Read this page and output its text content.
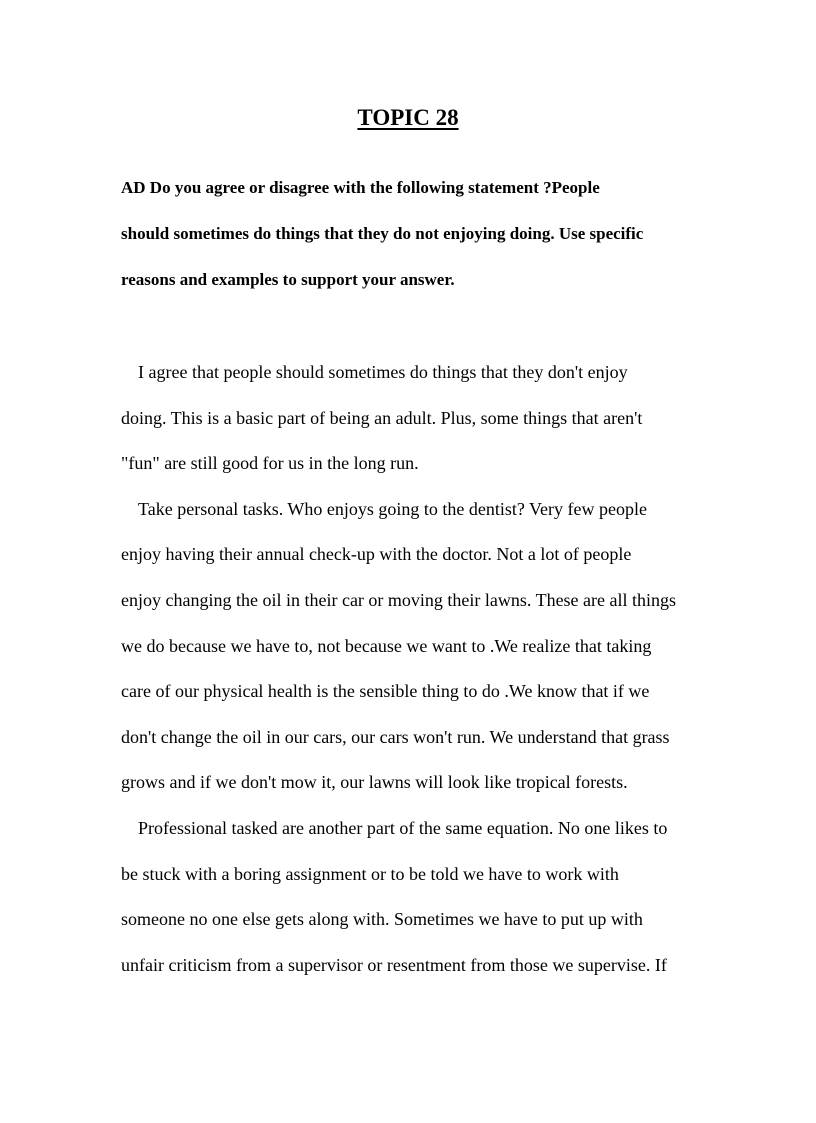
TOPIC 28
AD Do you agree or disagree with the following statement ?People
should sometimes do things that they do not enjoying doing. Use specific
reasons and examples to support your answer.
I agree that people should sometimes do things that they don't enjoy
doing. This is a basic part of being an adult. Plus, some things that aren't
"fun" are still good for us in the long run.
Take personal tasks. Who enjoys going to the dentist? Very few people
enjoy having their annual check-up with the doctor. Not a lot of people
enjoy changing the oil in their car or moving their lawns. These are all things
we do because we have to, not because we want to .We realize that taking
care of our physical health is the sensible thing to do .We know that if we
don't change the oil in our cars, our cars won't run. We understand that grass
grows and if we don't mow it, our lawns will look like tropical forests.
Professional tasked are another part of the same equation. No one likes to
be stuck with a boring assignment or to be told we have to work with
someone no one else gets along with. Sometimes we have to put up with
unfair criticism from a supervisor or resentment from those we supervise. If
